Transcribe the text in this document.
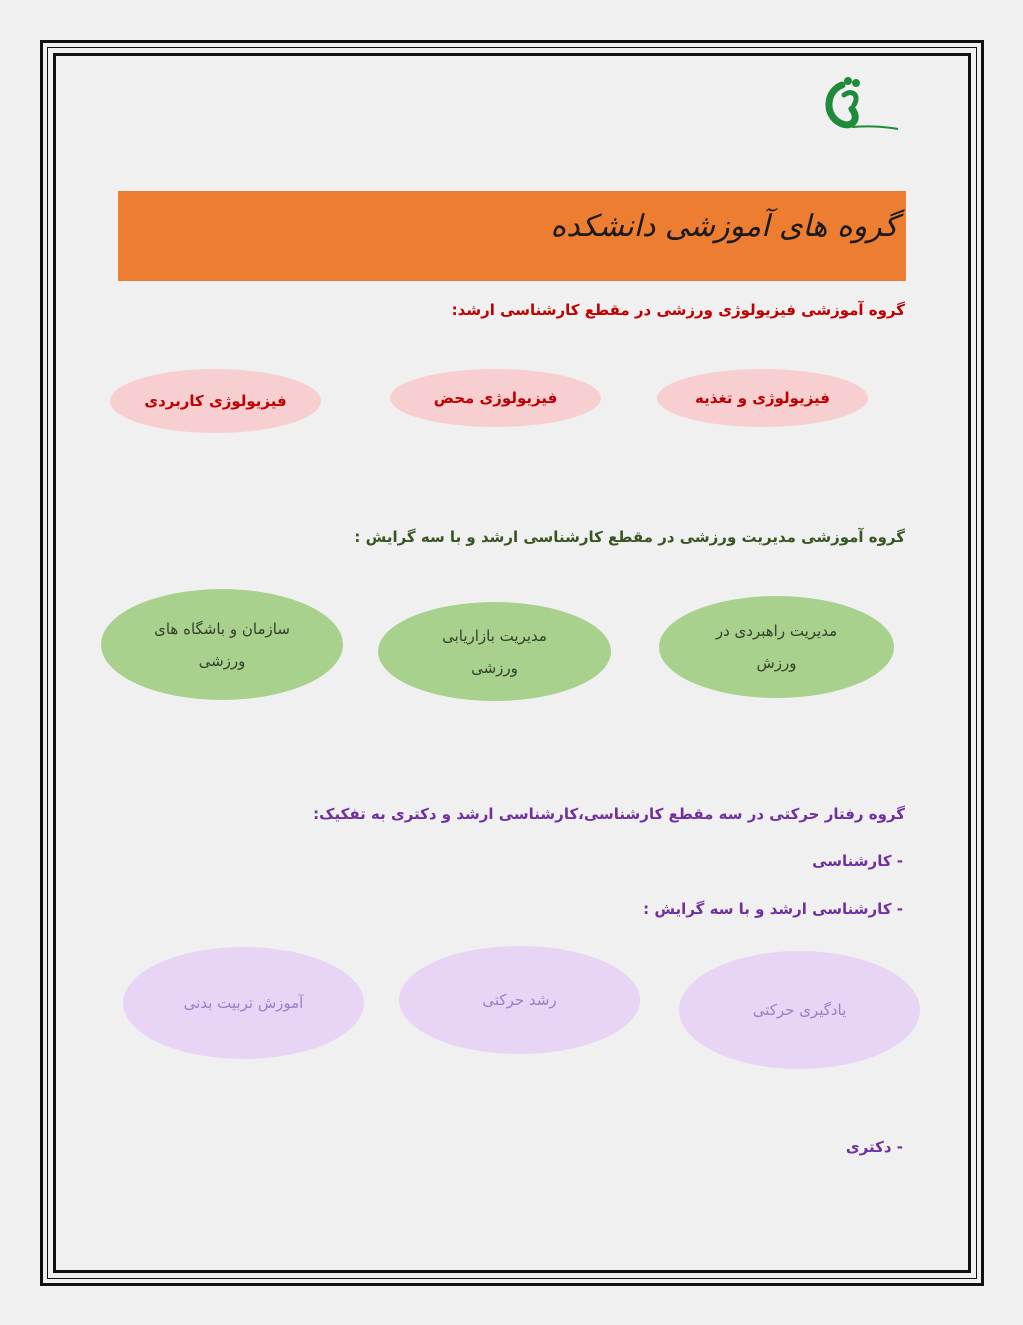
گروه های آموزشی دانشکده
گروه آموزشی فیزیولوژی ورزشی در مقطع کارشناسی ارشد:
فیزیولوژی و تغذیه
فیزیولوژی محض
فیزیولوژی کاربردی
گروه آموزشی مدیریت ورزشی در مقطع کارشناسی ارشد و با سه گرایش :
مدیریت راهبردی در
ورزش
مدیریت بازاریابی
ورزشی
سازمان و باشگاه های
ورزشی
گروه رفتار حرکتی در سه مقطع کارشناسی،کارشناسی ارشد و دکتری به تفکیک:
- کارشناسی
- کارشناسی ارشد و با سه گرایش :
یادگیری حرکتی
رشد حرکتی
آموزش تربیت بدنی
- دکتری
